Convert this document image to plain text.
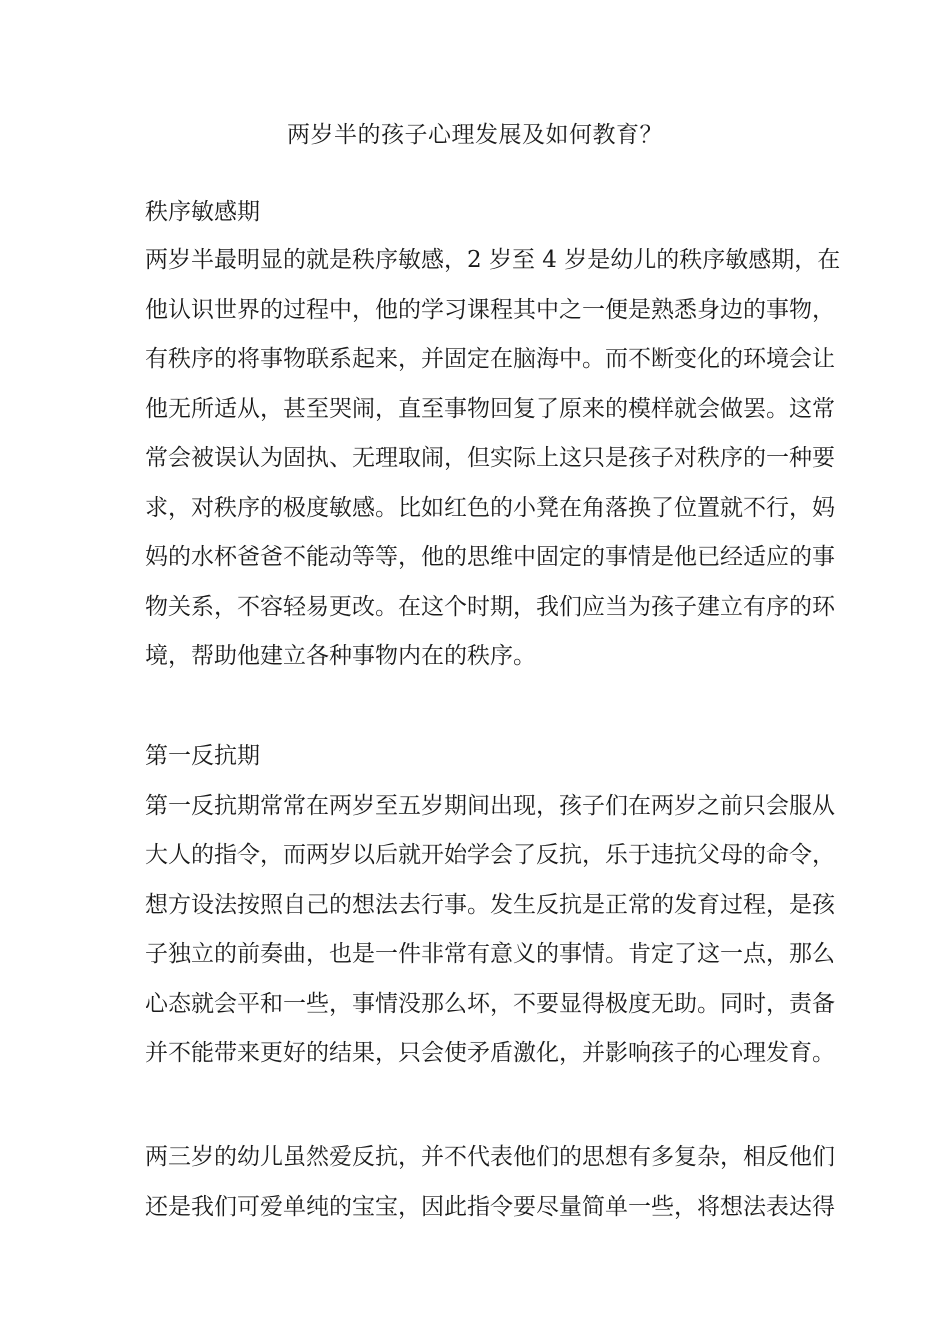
两岁半的孩子心理发展及如何教育？
秩序敏感期
两岁半最明显的就是秩序敏感，2 岁至 4 岁是幼儿的秩序敏感期，在
他认识世界的过程中，他的学习课程其中之一便是熟悉身边的事物，
有秩序的将事物联系起来，并固定在脑海中。而不断变化的环境会让
他无所适从，甚至哭闹，直至事物回复了原来的模样就会做罢。这常
常会被误认为固执、无理取闹，但实际上这只是孩子对秩序的一种要
求，对秩序的极度敏感。比如红色的小凳在角落换了位置就不行，妈
妈的水杯爸爸不能动等等，他的思维中固定的事情是他已经适应的事
物关系，不容轻易更改。在这个时期，我们应当为孩子建立有序的环
境，帮助他建立各种事物内在的秩序。
第一反抗期
第一反抗期常常在两岁至五岁期间出现，孩子们在两岁之前只会服从
大人的指令，而两岁以后就开始学会了反抗，乐于违抗父母的命令，
想方设法按照自己的想法去行事。发生反抗是正常的发育过程，是孩
子独立的前奏曲，也是一件非常有意义的事情。肯定了这一点，那么
心态就会平和一些，事情没那么坏，不要显得极度无助。同时，责备
并不能带来更好的结果，只会使矛盾激化，并影响孩子的心理发育。
两三岁的幼儿虽然爱反抗，并不代表他们的思想有多复杂，相反他们
还是我们可爱单纯的宝宝，因此指令要尽量简单一些，将想法表达得
